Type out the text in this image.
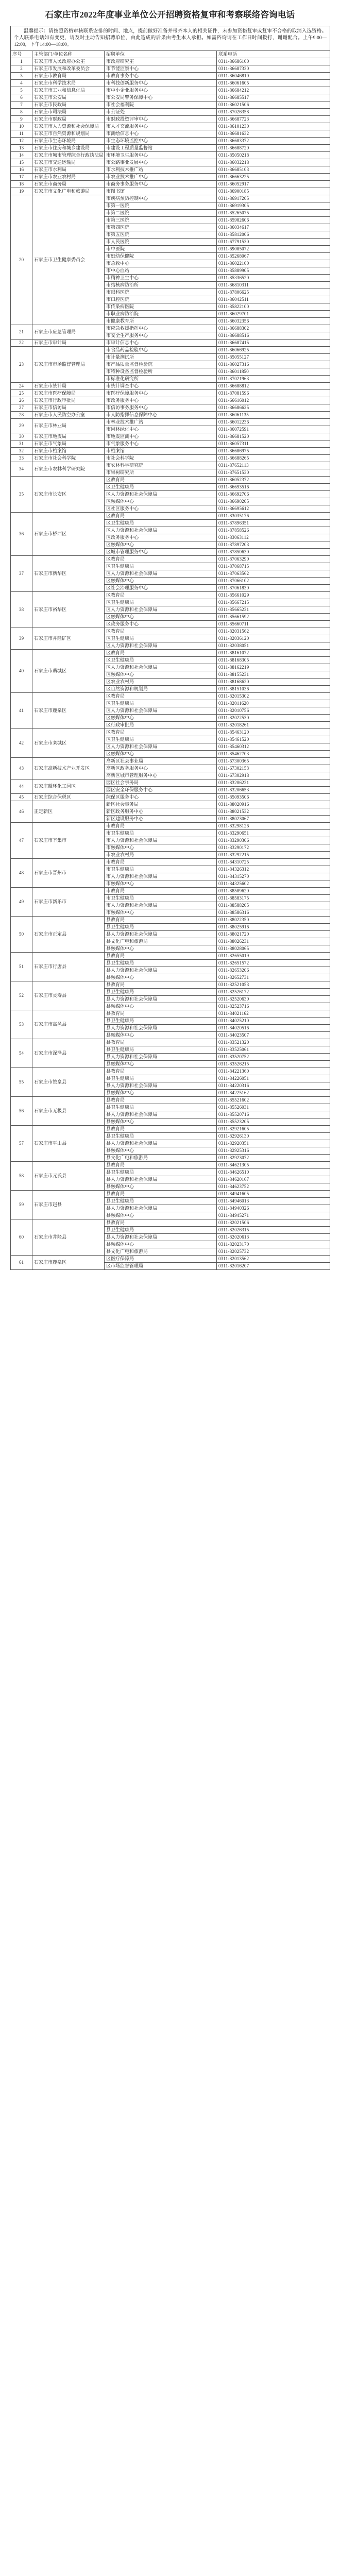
石家庄市2022年度事业单位公开招聘资格复审和考察联络咨询电话
温馨提示：请按照资格审核联系安排的时间、地点，提前做好准备并带齐本人的相关证件，未参加资格复审或复审不合格的取消入选资格。个人联系电话如有变更，请及时主动告知招聘单位，由此造成的后果由考生本人承担。如需咨询请在工作日时间拨打，谢谢配合。上午9:00—12:00，下午14:00—18:00。			

序号	主管部门/单位名称	招聘单位	联系电话
1	石家庄市人民政府办公室	市政府研究室	0311-86686100
2	石家庄市发展和改革委员会	市节能监察中心	0311-86687330
3	石家庄市教育局	市教育事务中心	0311-86046810
4	石家庄市科学技术局	市科技创新服务中心	0311-86061605
5	石家庄市工业和信息化局	市中小企业服务中心	0311-86684212
6	石家庄市公安局	市公安局警务保障中心	0311-86685517
7	石家庄市民政局	市社会福利院	0311-86021506
8	石家庄市司法局	市公证处	0311-87026358
9	石家庄市财政局	市财政投资评审中心	0311-86687723
10	石家庄市人力资源和社会保障局	市人才交流服务中心	0311-86101230
11	石家庄市自然资源和规划局	市测绘信息中心	0311-86681632
12	石家庄市生态环境局	市生态环境监控中心	0311-86683372
13	石家庄市住房和城乡建设局	市建设工程质量监督站	0311-86688720
14	石家庄市城市管理综合行政执法局	市环境卫生服务中心	0311-85050218
15	石家庄市交通运输局	市公路事业发展中心	0311-86032218
16	石家庄市水利局	市水利技术推广站	0311-86685103
17	石家庄市农业农村局	市农业技术推广中心	0311-86663225
18	石家庄市商务局	市商务事务服务中心	0311-86052917
19	石家庄市文化广电和旅游局	市图书馆	0311-86900185
20	石家庄市卫生健康委员会	市疾病预防控制中心	0311-86917205
		市第一医院	0311-86919305
		市第二医院	0311-85265075
		市第三医院	0311-85982606
		市第四医院	0311-86034617
		市第五医院	0311-85812006
		市人民医院	0311-67791530
		市中医院	0311-69085072
		市妇幼保健院	0311-85268067
		市急救中心	0311-86022100
		市中心血站	0311-85889905
		市精神卫生中心	0311-85336520
		市结核病防治所	0311-86810311
		市眼科医院	0311-87806625
		市口腔医院	0311-86042511
		市传染病医院	0311-85822100
		市职业病防治院	0311-86029701
		市健康教育所	0311-86032356
21	石家庄市应急管理局	市应急救援指挥中心	0311-86688302
		市安全生产服务中心	0311-86688516
22	石家庄市审计局	市审计信息中心	0311-86687415
23	石家庄市市场监督管理局	市食品药品检验中心	0311-86066925
		市计量测试所	0311-85055127
		市产品质量监督检验院	0311-86027316
		市特种设备监督检验所	0311-86011850
		市标准化研究所	0311-87021963
24	石家庄市统计局	市统计调查中心	0311-86688812
25	石家庄市医疗保障局	市医疗保障服务中心	0311-87081596
26	石家庄市行政审批局	市政务服务中心	0311-66616012
27	石家庄市信访局	市信访事务服务中心	0311-86686625
28	石家庄市人民防空办公室	市人防指挥信息保障中心	0311-86061135
29	石家庄市林业局	市林业技术推广站	0311-86012236
		市园林绿化中心	0311-86072591
30	石家庄市地震局	市地震监测中心	0311-86681520
31	石家庄市气象局	市气象服务中心	0311-86057311
32	石家庄市档案馆	市档案馆	0311-86686975
33	石家庄市社会科学院	市社会科学院	0311-86688265
34	石家庄市农林科学研究院	市农林科学研究院	0311-87652113
		市果树研究所	0311-87651530
35	石家庄市长安区	区教育局	0311-86052372
		区卫生健康局	0311-86693516
		区人力资源和社会保障局	0311-86692706
		区融媒体中心	0311-86690205
		区社区服务中心	0311-86695612
36	石家庄市桥西区	区教育局	0311-83035176
		区卫生健康局	0311-87896351
		区人力资源和社会保障局	0311-87858526
		区政务服务中心	0311-83063112
		区融媒体中心	0311-87897203
		区城市管理服务中心	0311-87850630
37	石家庄市新华区	区教育局	0311-87063290
		区卫生健康局	0311-87068715
		区人力资源和社会保障局	0311-87063562
		区融媒体中心	0311-87066102
		区社会治理服务中心	0311-87061830
38	石家庄市裕华区	区教育局	0311-85661029
		区卫生健康局	0311-85667215
		区人力资源和社会保障局	0311-85665231
		区融媒体中心	0311-85661592
		区政务服务中心	0311-85660711
39	石家庄市井陉矿区	区教育局	0311-82031562
		区卫生健康局	0311-82036120
		区人力资源和社会保障局	0311-82038051
40	石家庄市藁城区	区教育局	0311-88161072
		区卫生健康局	0311-88168305
		区人力资源和社会保障局	0311-88162219
		区融媒体中心	0311-88155231
		区农业农村局	0311-88168620
		区自然资源和规划局	0311-88151036
41	石家庄市鹿泉区	区教育局	0311-82015302
		区卫生健康局	0311-82011620
		区人力资源和社会保障局	0311-82010756
		区融媒体中心	0311-82022530
		区行政审批局	0311-82018261
42	石家庄市栾城区	区教育局	0311-85463120
		区卫生健康局	0311-85461520
		区人力资源和社会保障局	0311-85460312
		区融媒体中心	0311-85462703
43	石家庄高新技术产业开发区	高新区社会事业局	0311-67300365
		高新区政务服务中心	0311-67302153
		高新区城市管理服务中心	0311-67302918
44	石家庄循环化工园区	园区社会事务局	0311-83206221
		园区安全环保服务中心	0311-83206653
45	石家庄综合保税区	综保区服务中心	0311-85093506
46	正定新区	新区社会事务局	0311-88020916
		新区政务服务中心	0311-88021532
		新区建设服务中心	0311-88023067
47	石家庄市辛集市	市教育局	0311-83298126
		市卫生健康局	0311-83290651
		市人力资源和社会保障局	0311-83290306
		市融媒体中心	0311-83290172
		市农业农村局	0311-83292215
48	石家庄市晋州市	市教育局	0311-84310725
		市卫生健康局	0311-84326312
		市人力资源和社会保障局	0311-84315270
		市融媒体中心	0311-84325602
49	石家庄市新乐市	市教育局	0311-88589620
		市卫生健康局	0311-88583175
		市人力资源和社会保障局	0311-88588205
		市融媒体中心	0311-88586316
50	石家庄市正定县	县教育局	0311-88022350
		县卫生健康局	0311-88025916
		县人力资源和社会保障局	0311-88021720
		县文化广电和旅游局	0311-88026231
		县融媒体中心	0311-88028065
51	石家庄市行唐县	县教育局	0311-82655019
		县卫生健康局	0311-82651572
		县人力资源和社会保障局	0311-82653206
		县融媒体中心	0311-82652731
52	石家庄市灵寿县	县教育局	0311-82521053
		县卫生健康局	0311-82526172
		县人力资源和社会保障局	0311-82520630
		县融媒体中心	0311-82523716
53	石家庄市高邑县	县教育局	0311-84021162
		县卫生健康局	0311-84025210
		县人力资源和社会保障局	0311-84020516
		县融媒体中心	0311-84023507
54	石家庄市深泽县	县教育局	0311-83521320
		县卫生健康局	0311-83525061
		县人力资源和社会保障局	0311-83520752
		县融媒体中心	0311-83526215
55	石家庄市赞皇县	县教育局	0311-84221360
		县卫生健康局	0311-84226051
		县人力资源和社会保障局	0311-84220316
		县融媒体中心	0311-84225162
56	石家庄市无极县	县教育局	0311-85521602
		县卫生健康局	0311-85526031
		县人力资源和社会保障局	0311-85520716
		县融媒体中心	0311-85523205
57	石家庄市平山县	县教育局	0311-82921605
		县卫生健康局	0311-82926130
		县人力资源和社会保障局	0311-82920351
		县融媒体中心	0311-82925316
		县文化广电和旅游局	0311-82923072
58	石家庄市元氏县	县教育局	0311-84621305
		县卫生健康局	0311-84626510
		县人力资源和社会保障局	0311-84620167
		县融媒体中心	0311-84623752
59	石家庄市赵县	县教育局	0311-84941605
		县卫生健康局	0311-84946013
		县人力资源和社会保障局	0311-84940326
		县融媒体中心	0311-84945271
60	石家庄市井陉县	县教育局	0311-82021506
		县卫生健康局	0311-82026315
		县人力资源和社会保障局	0311-82020613
		县融媒体中心	0311-82023170
		县文化广电和旅游局	0311-82025732
61	石家庄市鹿泉区	区医疗保障局	0311-82013562
		区市场监督管理局	0311-82016207
